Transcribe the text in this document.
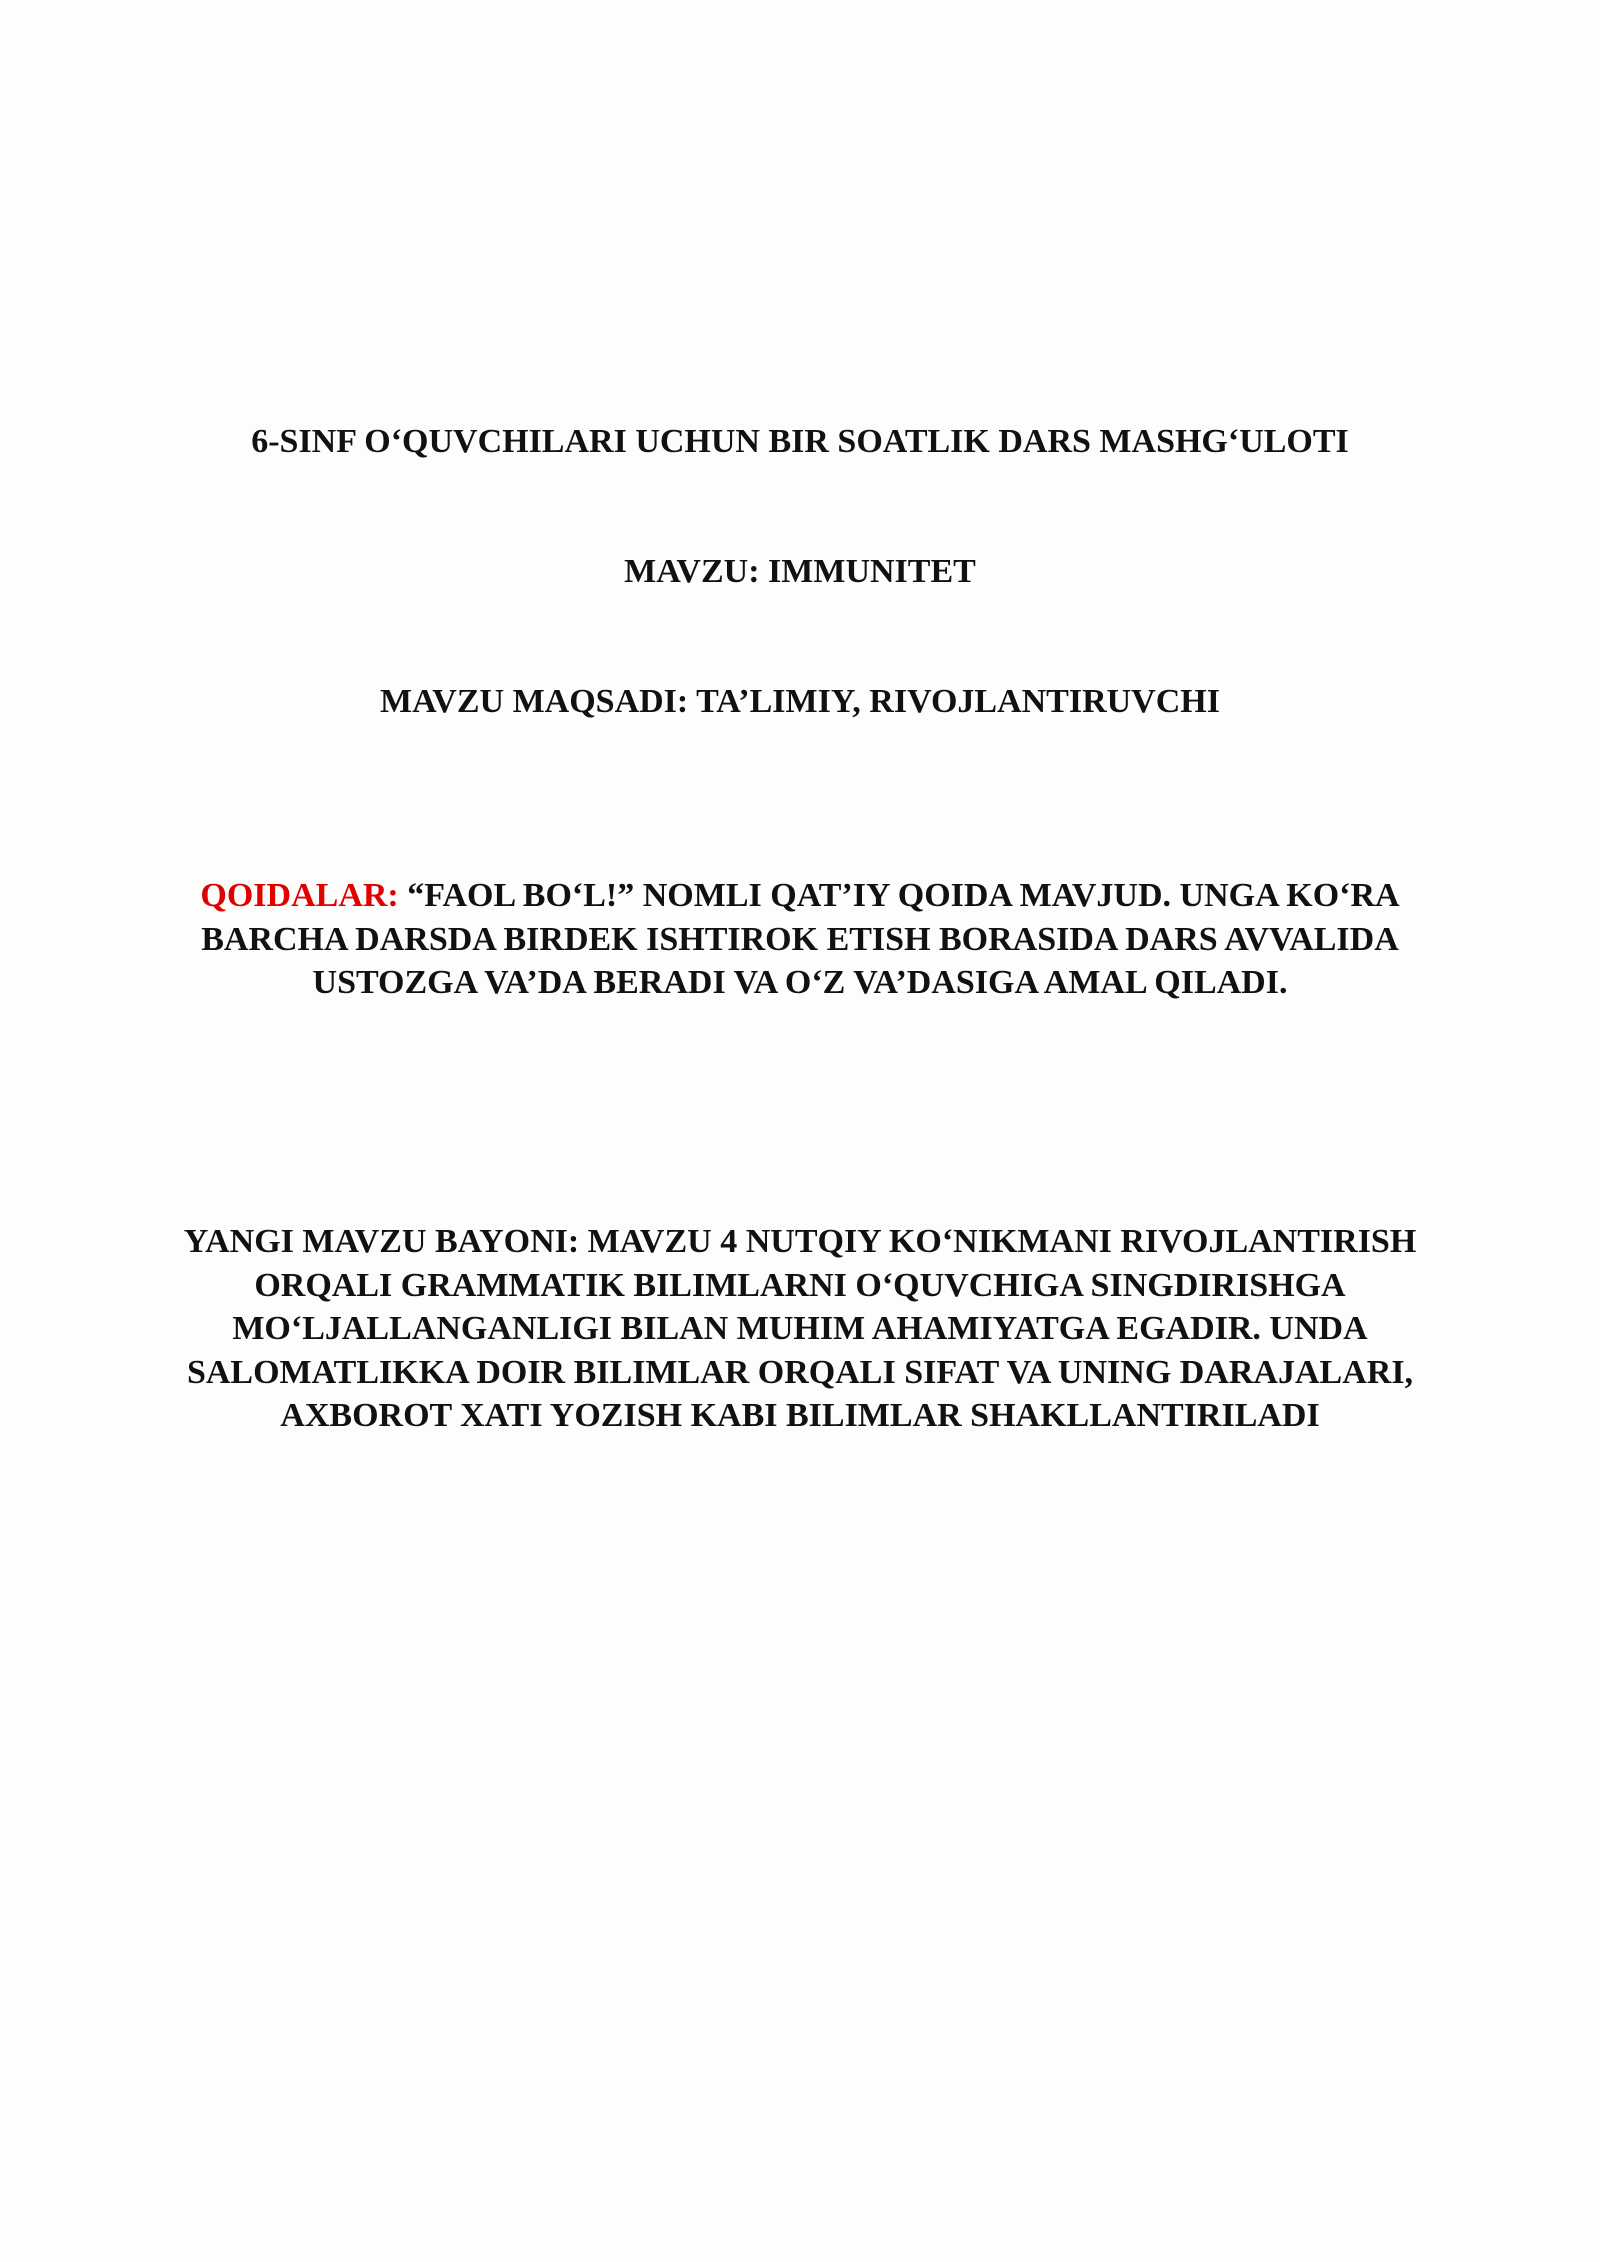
6-SINF O‘QUVCHILARI UCHUN BIR SOATLIK DARS MASHG‘ULOTI
MAVZU: IMMUNITET
MAVZU MAQSADI: TA’LIMIY, RIVOJLANTIRUVCHI
QOIDALAR: “FAOL BO‘L!” NOMLI QAT’IY QOIDA MAVJUD. UNGA KO‘RA
BARCHA DARSDA BIRDEK ISHTIROK ETISH BORASIDA DARS AVVALIDA
USTOZGA VA’DA BERADI VA O‘Z VA’DASIGA AMAL QILADI.
YANGI MAVZU BAYONI: MAVZU 4 NUTQIY KO‘NIKMANI RIVOJLANTIRISH
ORQALI GRAMMATIK BILIMLARNI O‘QUVCHIGA SINGDIRISHGA
MO‘LJALLANGANLIGI BILAN MUHIM AHAMIYATGA EGADIR. UNDA
SALOMATLIKKA DOIR BILIMLAR ORQALI SIFAT VA UNING DARAJALARI,
AXBOROT XATI YOZISH KABI BILIMLAR SHAKLLANTIRILADI
